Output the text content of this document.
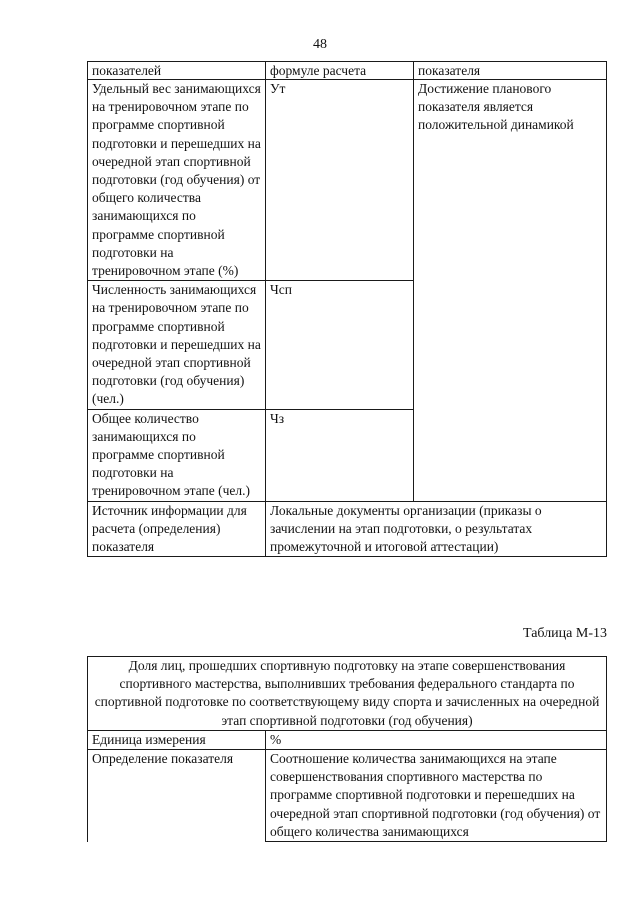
48
показателей	формуле расчета	показателя
Удельный вес занимающихся на тренировочном этапе по программе спортивной подготовки и перешедших на очередной этап спортивной подготовки (год обучения) от общего количества занимающихся по программе спортивной подготовки на тренировочном этапе (%)	Ут	Достижение планового показателя является положительной динамикой
Численность занимающихся на тренировочном этапе по программе спортивной подготовки и перешедших на очередной этап спортивной подготовки (год обучения) (чел.)	Чсп	
Общее количество занимающихся по программе спортивной подготовки на тренировочном этапе (чел.)	Чз	
Источник информации для расчета (определения) показателя	Локальные документы организации (приказы о зачислении на этап подготовки, о результатах промежуточной и итоговой аттестации)	
Таблица М-13
Доля лиц, прошедших спортивную подготовку на этапе совершенствования спортивного мастерства, выполнивших требования федерального стандарта по спортивной подготовке по соответствующему виду спорта и зачисленных на очередной этап спортивной подготовки (год обучения)	
Единица измерения	%
Определение показателя	Соотношение количества занимающихся на этапе совершенствования спортивного мастерства по программе спортивной подготовки и перешедших на очередной этап спортивной подготовки (год обучения) от общего количества занимающихся
